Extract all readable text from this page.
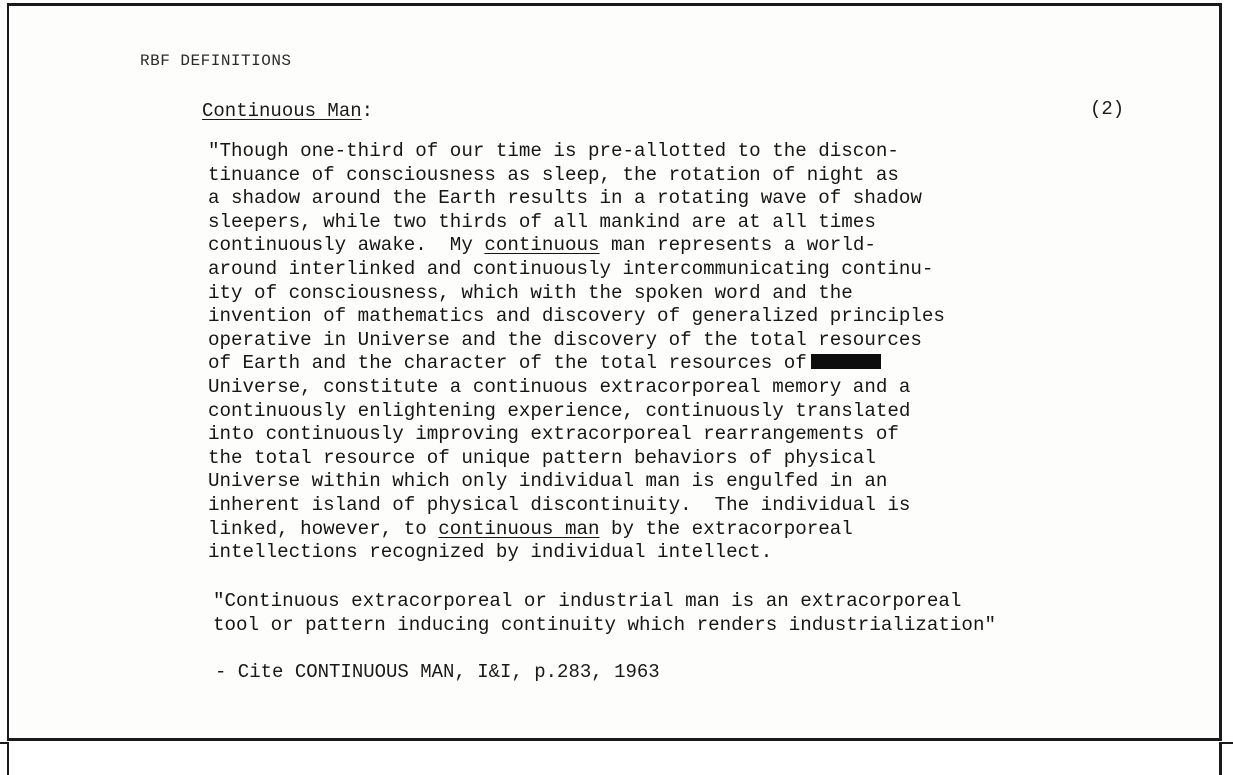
RBF DEFINITIONS
Continuous Man:	(2)

"Though one-third of our time is pre-allotted to the discon-
tinuance of consciousness as sleep, the rotation of night as
a shadow around the Earth results in a rotating wave of shadow
sleepers, while two thirds of all mankind are at all times
continuously awake.  My continuous man represents a world-
around interlinked and continuously intercommunicating continu-
ity of consciousness, which with the spoken word and the
invention of mathematics and discovery of generalized principles
operative in Universe and the discovery of the total resources
of Earth and the character of the total resources of
Universe, constitute a continuous extracorporeal memory and a
continuously enlightening experience, continuously translated
into continuously improving extracorporeal rearrangements of
the total resource of unique pattern behaviors of physical
Universe within which only individual man is engulfed in an
inherent island of physical discontinuity.  The individual is
linked, however, to continuous man by the extracorporeal
intellections recognized by individual intellect.

"Continuous extracorporeal or industrial man is an extracorporeal
tool or pattern inducing continuity which renders industrialization"

- Cite CONTINUOUS MAN, I&I, p.283, 1963
